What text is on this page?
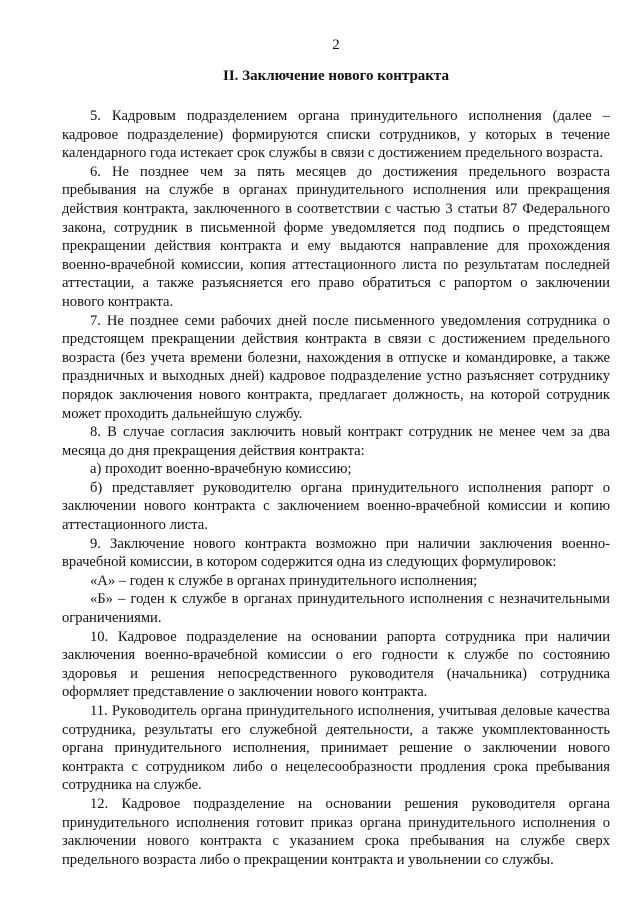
2
II. Заключение нового контракта

5. Кадровым подразделением органа принудительного исполнения (далее – кадровое подразделение) формируются списки сотрудников, у которых в течение календарного года истекает срок службы в связи с достижением предельного возраста.

6. Не позднее чем за пять месяцев до достижения предельного возраста пребывания на службе в органах принудительного исполнения или прекращения действия контракта, заключенного в соответствии с частью 3 статьи 87 Федерального закона, сотрудник в письменной форме уведомляется под подпись о предстоящем прекращении действия контракта и ему выдаются направление для прохождения военно-врачебной комиссии, копия аттестационного листа по результатам последней аттестации, а также разъясняется его право обратиться с рапортом о заключении нового контракта.

7. Не позднее семи рабочих дней после письменного уведомления сотрудника о предстоящем прекращении действия контракта в связи с достижением предельного возраста (без учета времени болезни, нахождения в отпуске и командировке, а также праздничных и выходных дней) кадровое подразделение устно разъясняет сотруднику порядок заключения нового контракта, предлагает должность, на которой сотрудник может проходить дальнейшую службу.

8. В случае согласия заключить новый контракт сотрудник не менее чем за два месяца до дня прекращения действия контракта:

а) проходит военно-врачебную комиссию;

б) представляет руководителю органа принудительного исполнения рапорт о заключении нового контракта с заключением военно-врачебной комиссии и копию аттестационного листа.

9. Заключение нового контракта возможно при наличии заключения военно-врачебной комиссии, в котором содержится одна из следующих формулировок:

«А» – годен к службе в органах принудительного исполнения;

«Б» – годен к службе в органах принудительного исполнения с незначительными ограничениями.

10. Кадровое подразделение на основании рапорта сотрудника при наличии заключения военно-врачебной комиссии о его годности к службе по состоянию здоровья и решения непосредственного руководителя (начальника) сотрудника оформляет представление о заключении нового контракта.

11. Руководитель органа принудительного исполнения, учитывая деловые качества сотрудника, результаты его служебной деятельности, а также укомплектованность органа принудительного исполнения, принимает решение о заключении нового контракта с сотрудником либо о нецелесообразности продления срока пребывания сотрудника на службе.

12. Кадровое подразделение на основании решения руководителя органа принудительного исполнения готовит приказ органа принудительного исполнения о заключении нового контракта с указанием срока пребывания на службе сверх предельного возраста либо о прекращении контракта и увольнении со службы.
